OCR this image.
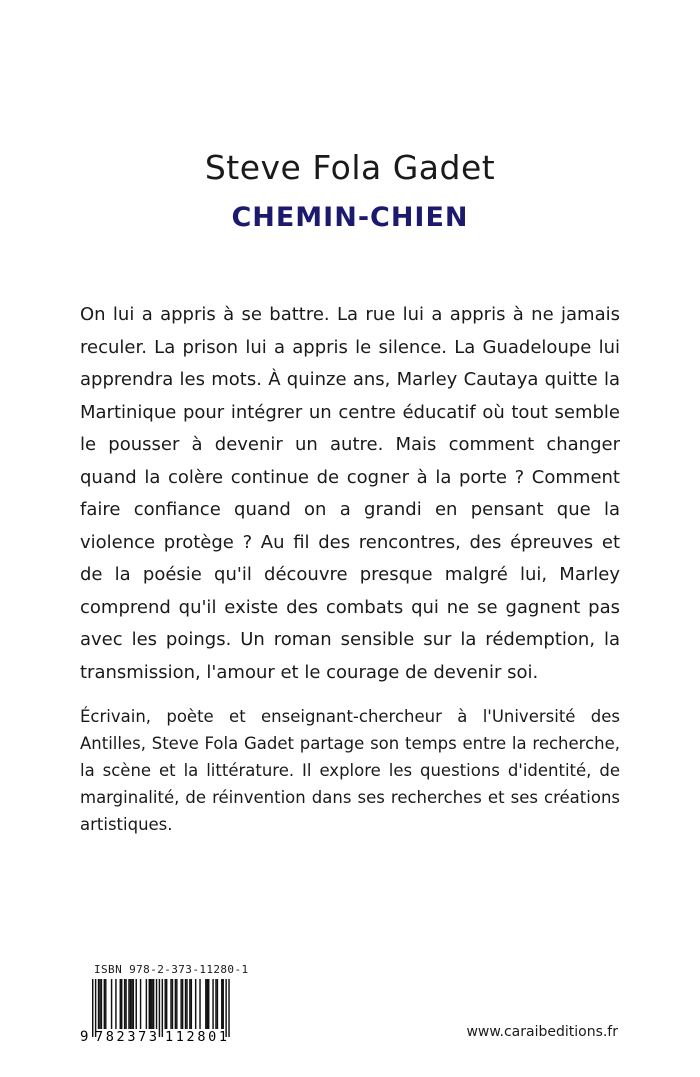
Steve Fola Gadet
CHEMIN-CHIEN

On lui a appris à se battre. La rue lui a appris à ne jamais reculer. La prison lui a appris le silence. La Guadeloupe lui apprendra les mots. À quinze ans, Marley Cautaya quitte la Martinique pour intégrer un centre éducatif où tout semble le pousser à devenir un autre. Mais comment changer quand la colère continue de cogner à la porte ? Comment faire confiance quand on a grandi en pensant que la violence protège ? Au fil des rencontres, des épreuves et de la poésie qu'il découvre presque malgré lui, Marley comprend qu'il existe des combats qui ne se gagnent pas avec les poings. Un roman sensible sur la rédemption, la transmission, l'amour et le courage de devenir soi.

Écrivain, poète et enseignant-chercheur à l'Université des Antilles, Steve Fola Gadet partage son temps entre la recherche, la scène et la littérature. Il explore les questions d'identité, de marginalité, de réinvention dans ses recherches et ses créations artistiques.

ISBN 978-2-373-11280-1
9 782373 112801	www.caraibeditions.fr
